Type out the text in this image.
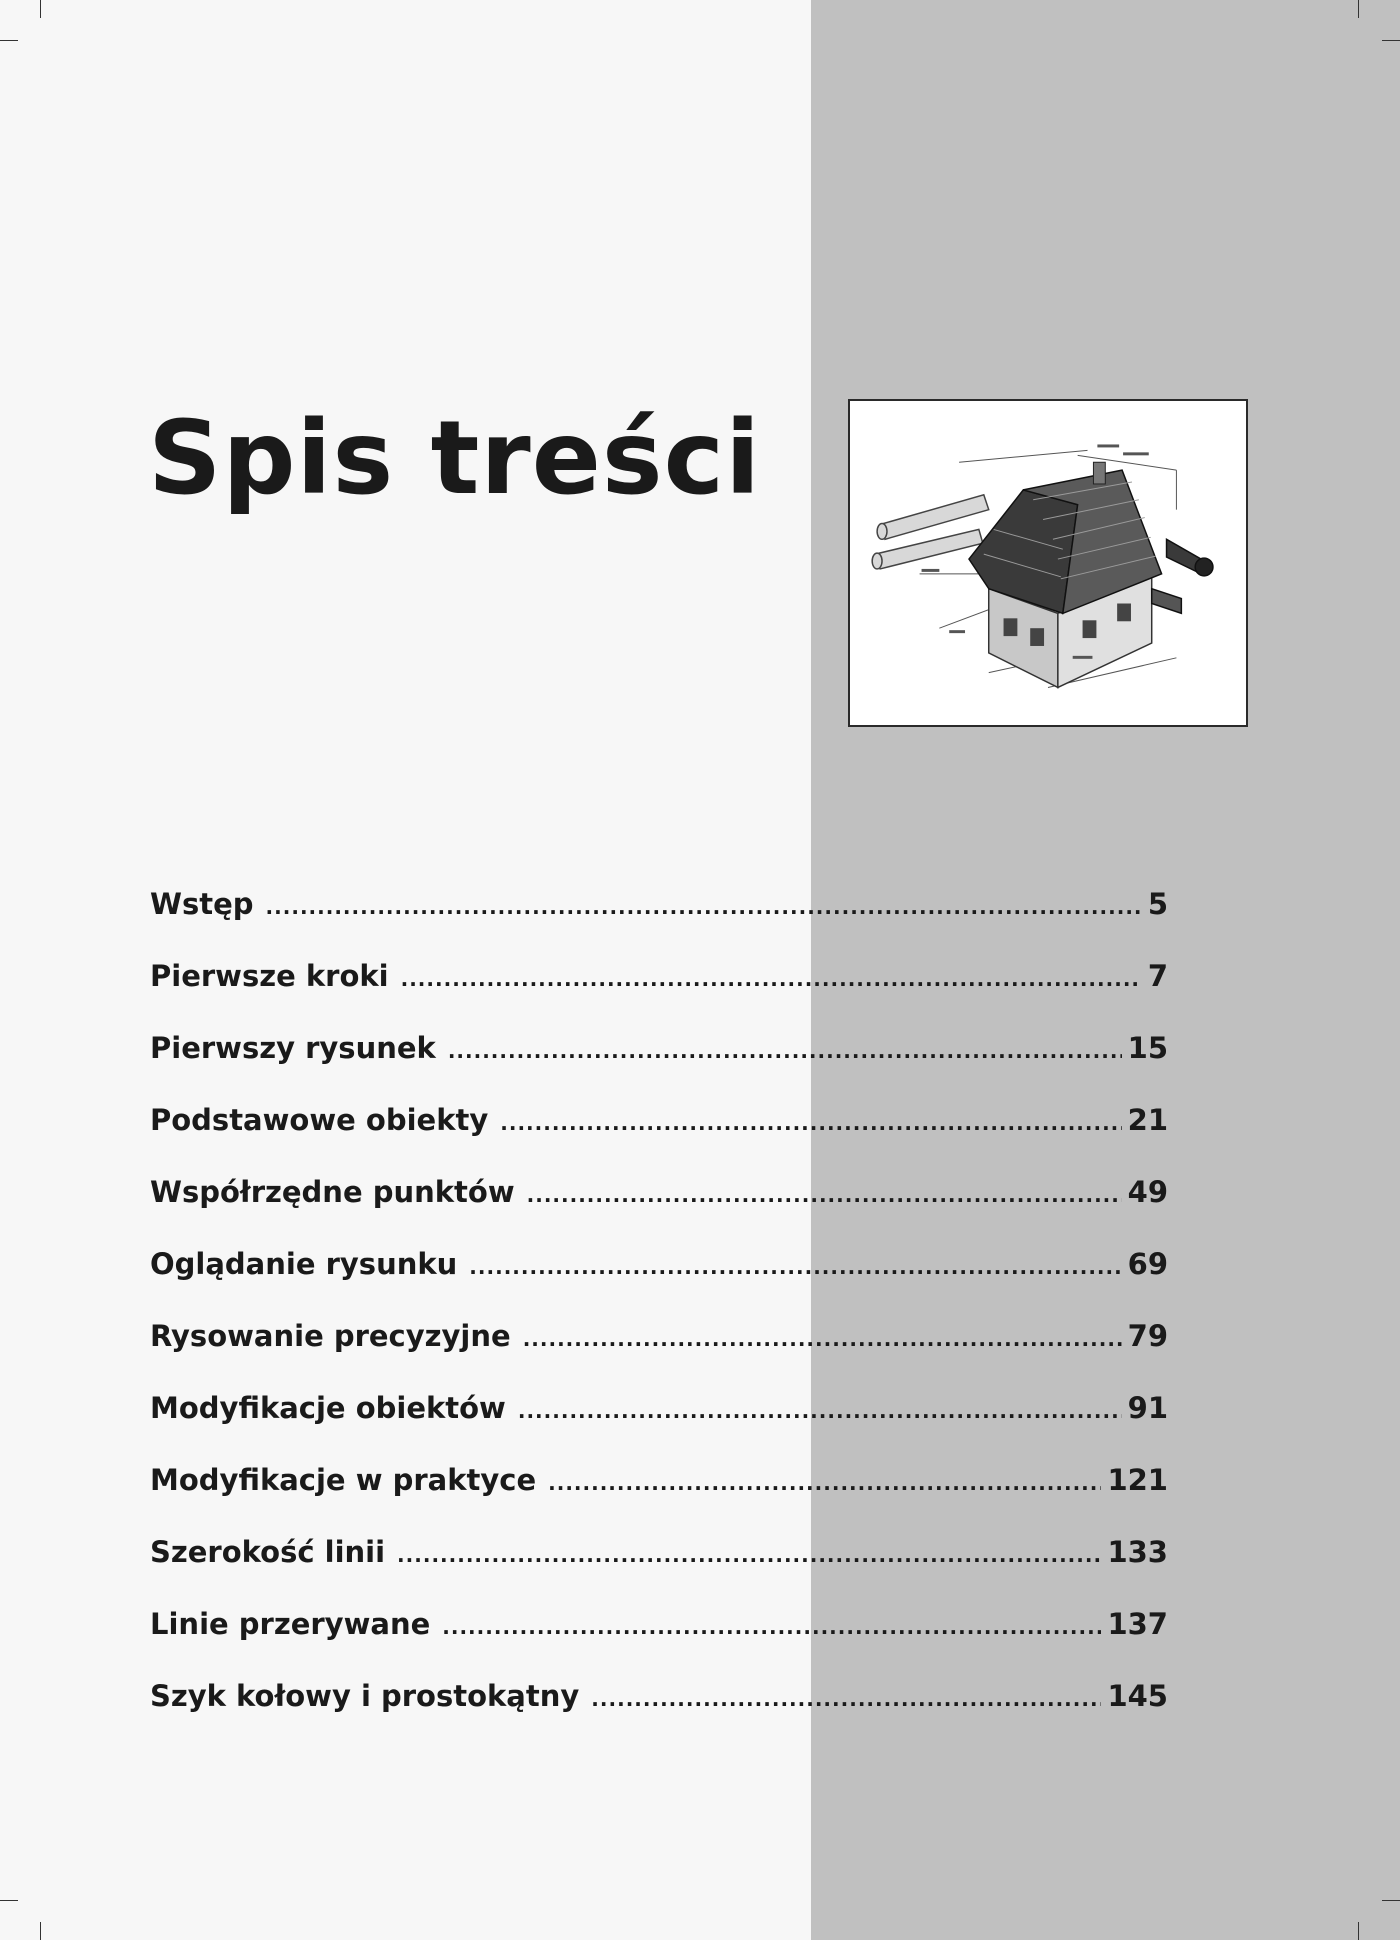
Spis treści
Wstęp .....	5
Pierwsze kroki .....	7
Pierwszy rysunek .....	15
Podstawowe obiekty .....	21
Współrzędne punktów .....	49
Oglądanie rysunku .....	69
Rysowanie precyzyjne .....	79
Modyfikacje obiektów .....	91
Modyfikacje w praktyce .....	121
Szerokość linii .....	133
Linie przerywane .....	137
Szyk kołowy i prostokątny .....	145
